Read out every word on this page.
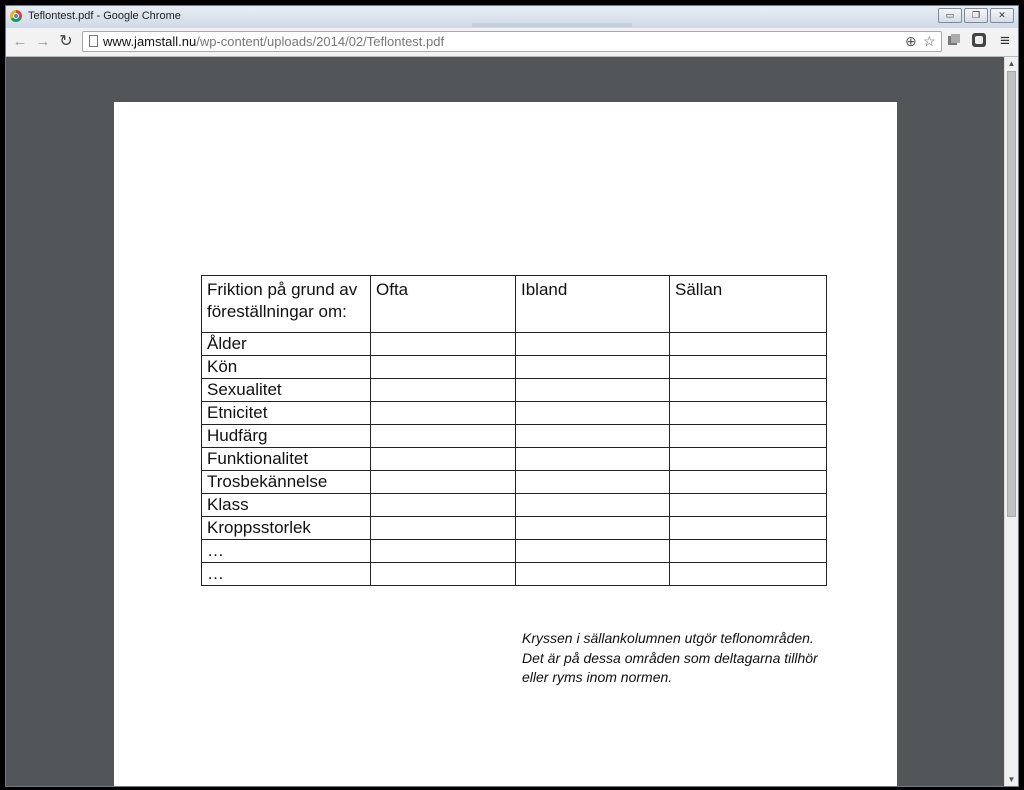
Teflontest.pdf - Google Chrome	▭	❐	✕
← → ↻ www.jamstall.nu/wp-content/uploads/2014/02/Teflontest.pdf	⊕ ☆	≡
Friktion på grund av
föreställningar om:	Ofta	Ibland	Sällan
Ålder			
Kön			
Sexualitet			
Etnicitet			
Hudfärg			
Funktionalitet			
Trosbekännelse			
Klass			
Kroppsstorlek			
…			
…			
Kryssen i sällankolumnen utgör teflonområden.
Det är på dessa områden som deltagarna tillhör
eller ryms inom normen.
▲
▼
